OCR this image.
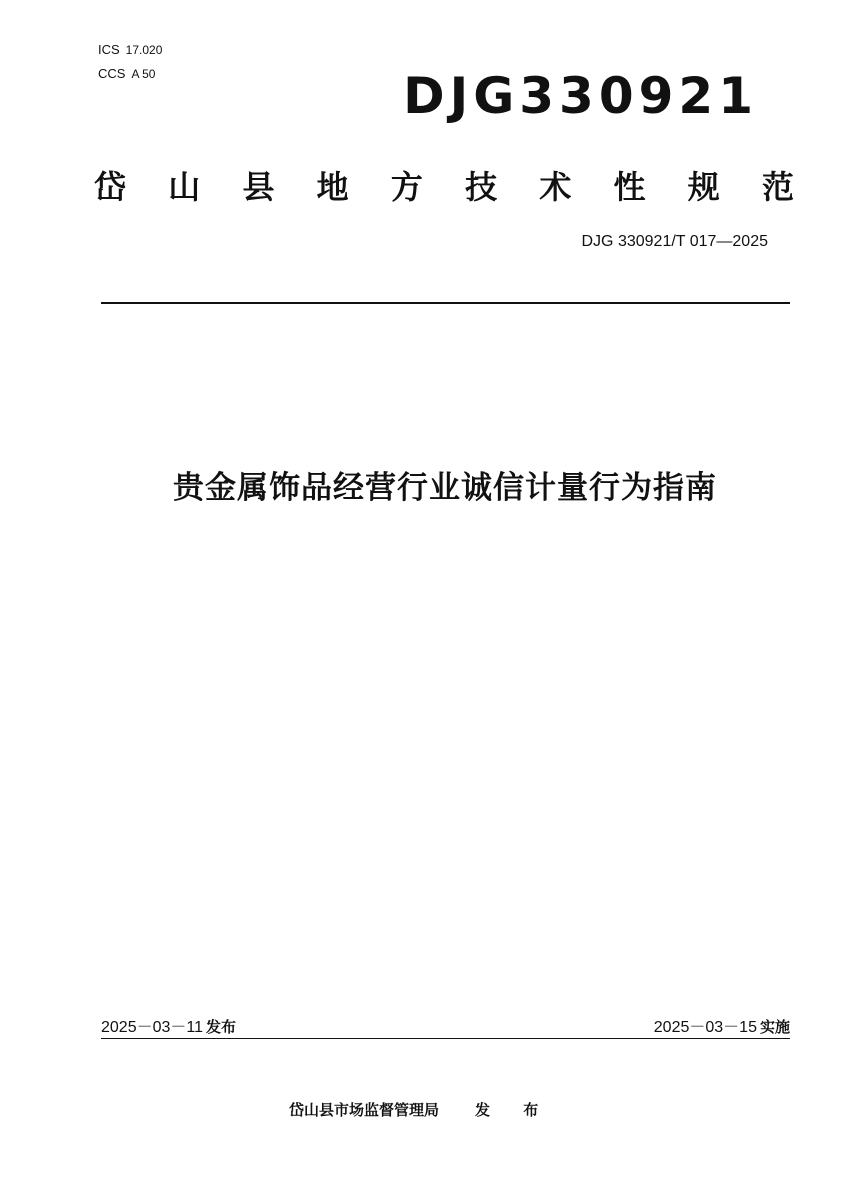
ICS 17.020
CCS A 50	DJG330921
岱 山 县 地 方 技 术 性 规 范
DJG 330921/T 017—2025
贵金属饰品经营行业诚信计量行为指南
2025－03－11 发布	2025－03－15 实施
岱山县市场监督管理局 发 布
